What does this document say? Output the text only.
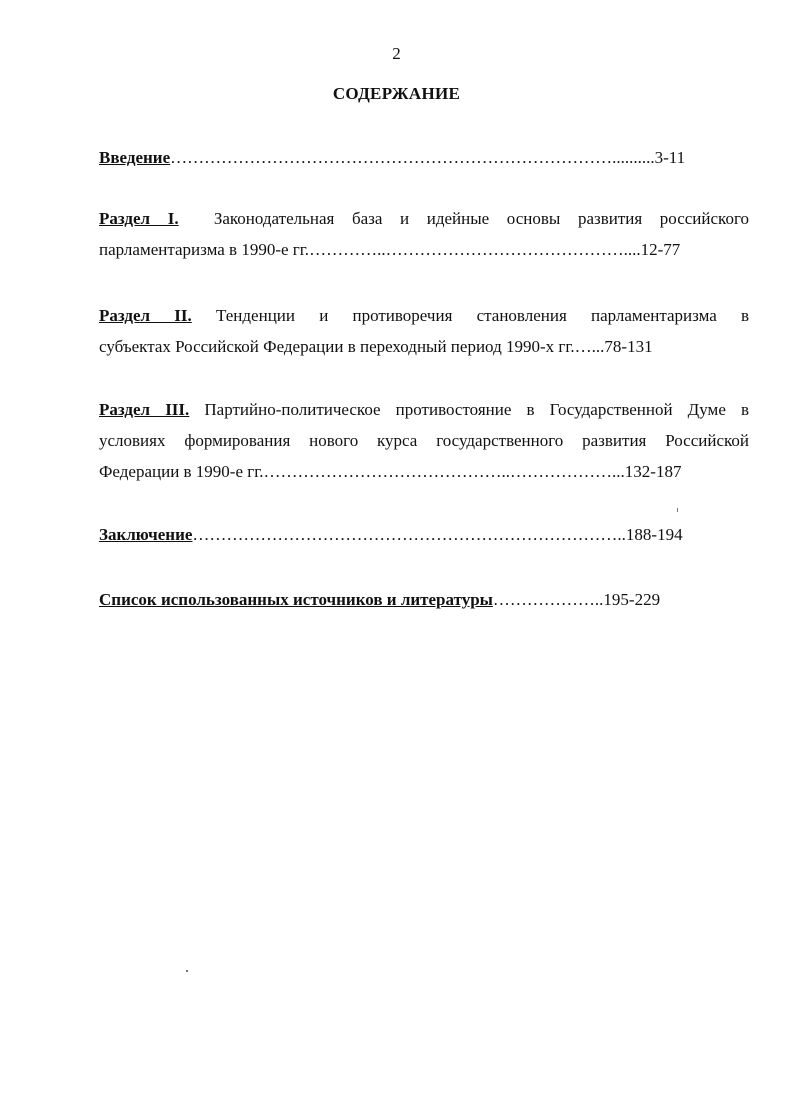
2
СОДЕРЖАНИЕ
Введение……………………………………………………………………..........3-11
Раздел I. Законодательная база и идейные основы развития российского
парламентаризма в 1990-е гг.…………..……………………………………....12-77
Раздел II. Тенденции и противоречия становления парламентаризма в
субъектах Российской Федерации в переходный период 1990-х гг.…...78-131
Раздел III. Партийно-политическое противостояние в Государственной Думе в
условиях формирования нового курса государственного развития Российской
Федерации в 1990-е гг.……………………………………..………………...132-187
Заключение…………………………………………………………………..188-194
Список использованных источников и литературы………………..195-229
